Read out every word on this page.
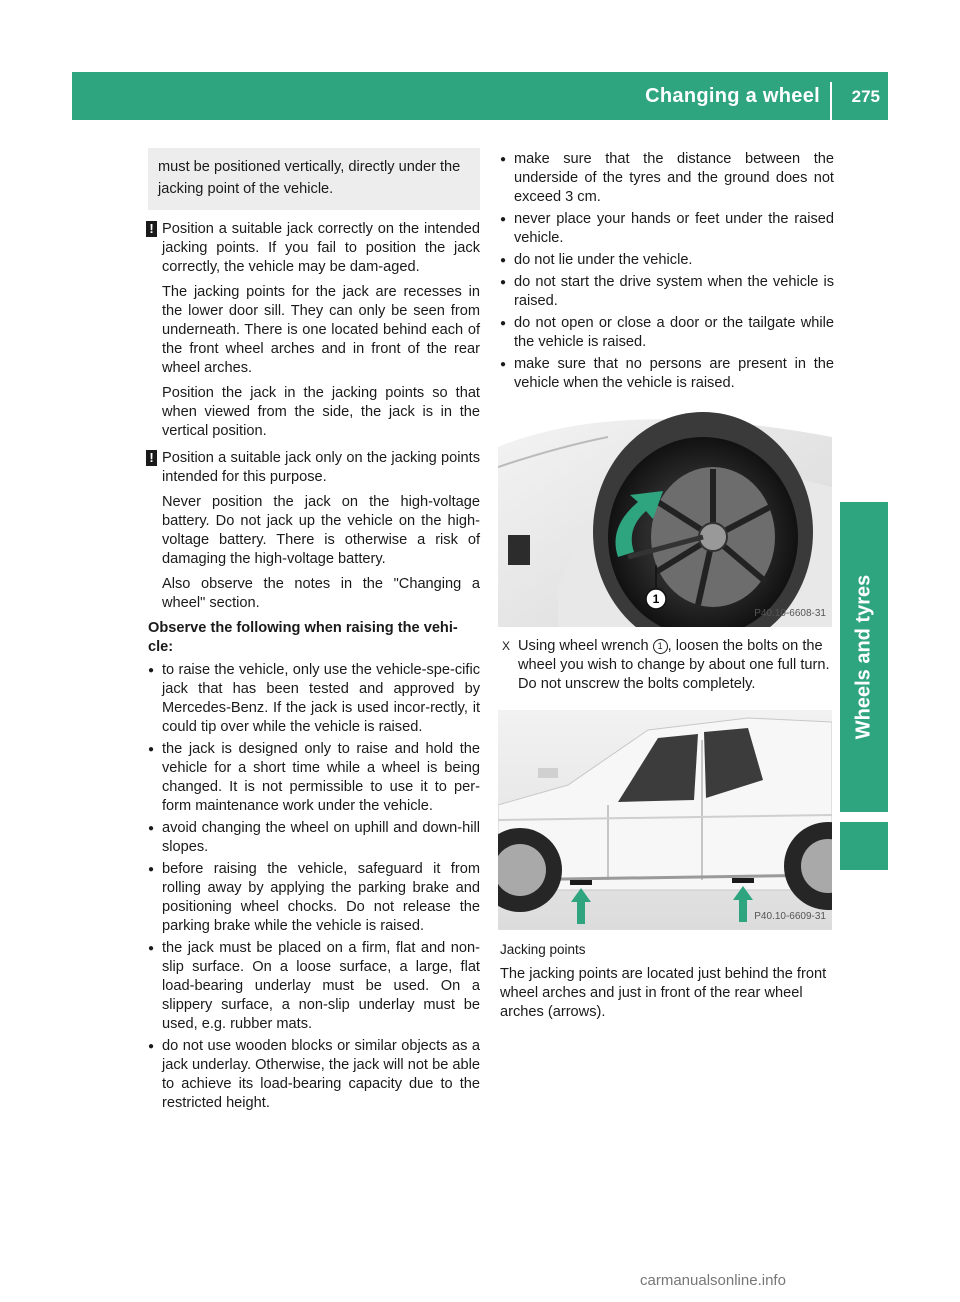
Changing a wheel 275
Wheels and tyres
must be positioned vertically, directly under the jacking point of the vehicle.
! Position a suitable jack correctly on the intended jacking points. If you fail to position the jack correctly, the vehicle may be dam-aged.

The jacking points for the jack are recesses in the lower door sill. They can only be seen from underneath. There is one located behind each of the front wheel arches and in front of the rear wheel arches.

Position the jack in the jacking points so that when viewed from the side, the jack is in the vertical position.

! Position a suitable jack only on the jacking points intended for this purpose.

Never position the jack on the high-voltage battery. Do not jack up the vehicle on the high-voltage battery. There is otherwise a risk of damaging the high-voltage battery.

Also observe the notes in the "Changing a wheel" section.

Observe the following when raising the vehi-cle:
● to raise the vehicle, only use the vehicle-spe-cific jack that has been tested and approved by Mercedes-Benz. If the jack is used incor-rectly, it could tip over while the vehicle is raised.
● the jack is designed only to raise and hold the vehicle for a short time while a wheel is being changed. It is not permissible to use it to per-form maintenance work under the vehicle.
● avoid changing the wheel on uphill and down-hill slopes.
● before raising the vehicle, safeguard it from rolling away by applying the parking brake and positioning wheel chocks. Do not release the parking brake while the vehicle is raised.
● the jack must be placed on a firm, flat and non-slip surface. On a loose surface, a large, flat load-bearing underlay must be used. On a slippery surface, a non-slip underlay must be used, e.g. rubber mats.
● do not use wooden blocks or similar objects as a jack underlay. Otherwise, the jack will not be able to achieve its load-bearing capacity due to the restricted height.
● make sure that the distance between the underside of the tyres and the ground does not exceed 3 cm.
● never place your hands or feet under the raised vehicle.
● do not lie under the vehicle.
● do not start the drive system when the vehicle is raised.
● do not open or close a door or the tailgate while the vehicle is raised.
● make sure that no persons are present in the vehicle when the vehicle is raised.
1
P40.10-6608-31
X Using wheel wrench 1 , loosen the bolts on the wheel you wish to change by about one full turn. Do not unscrew the bolts completely.
P40.10-6609-31
Jacking points

The jacking points are located just behind the front wheel arches and just in front of the rear wheel arches (arrows).

carmanualsonline.info
